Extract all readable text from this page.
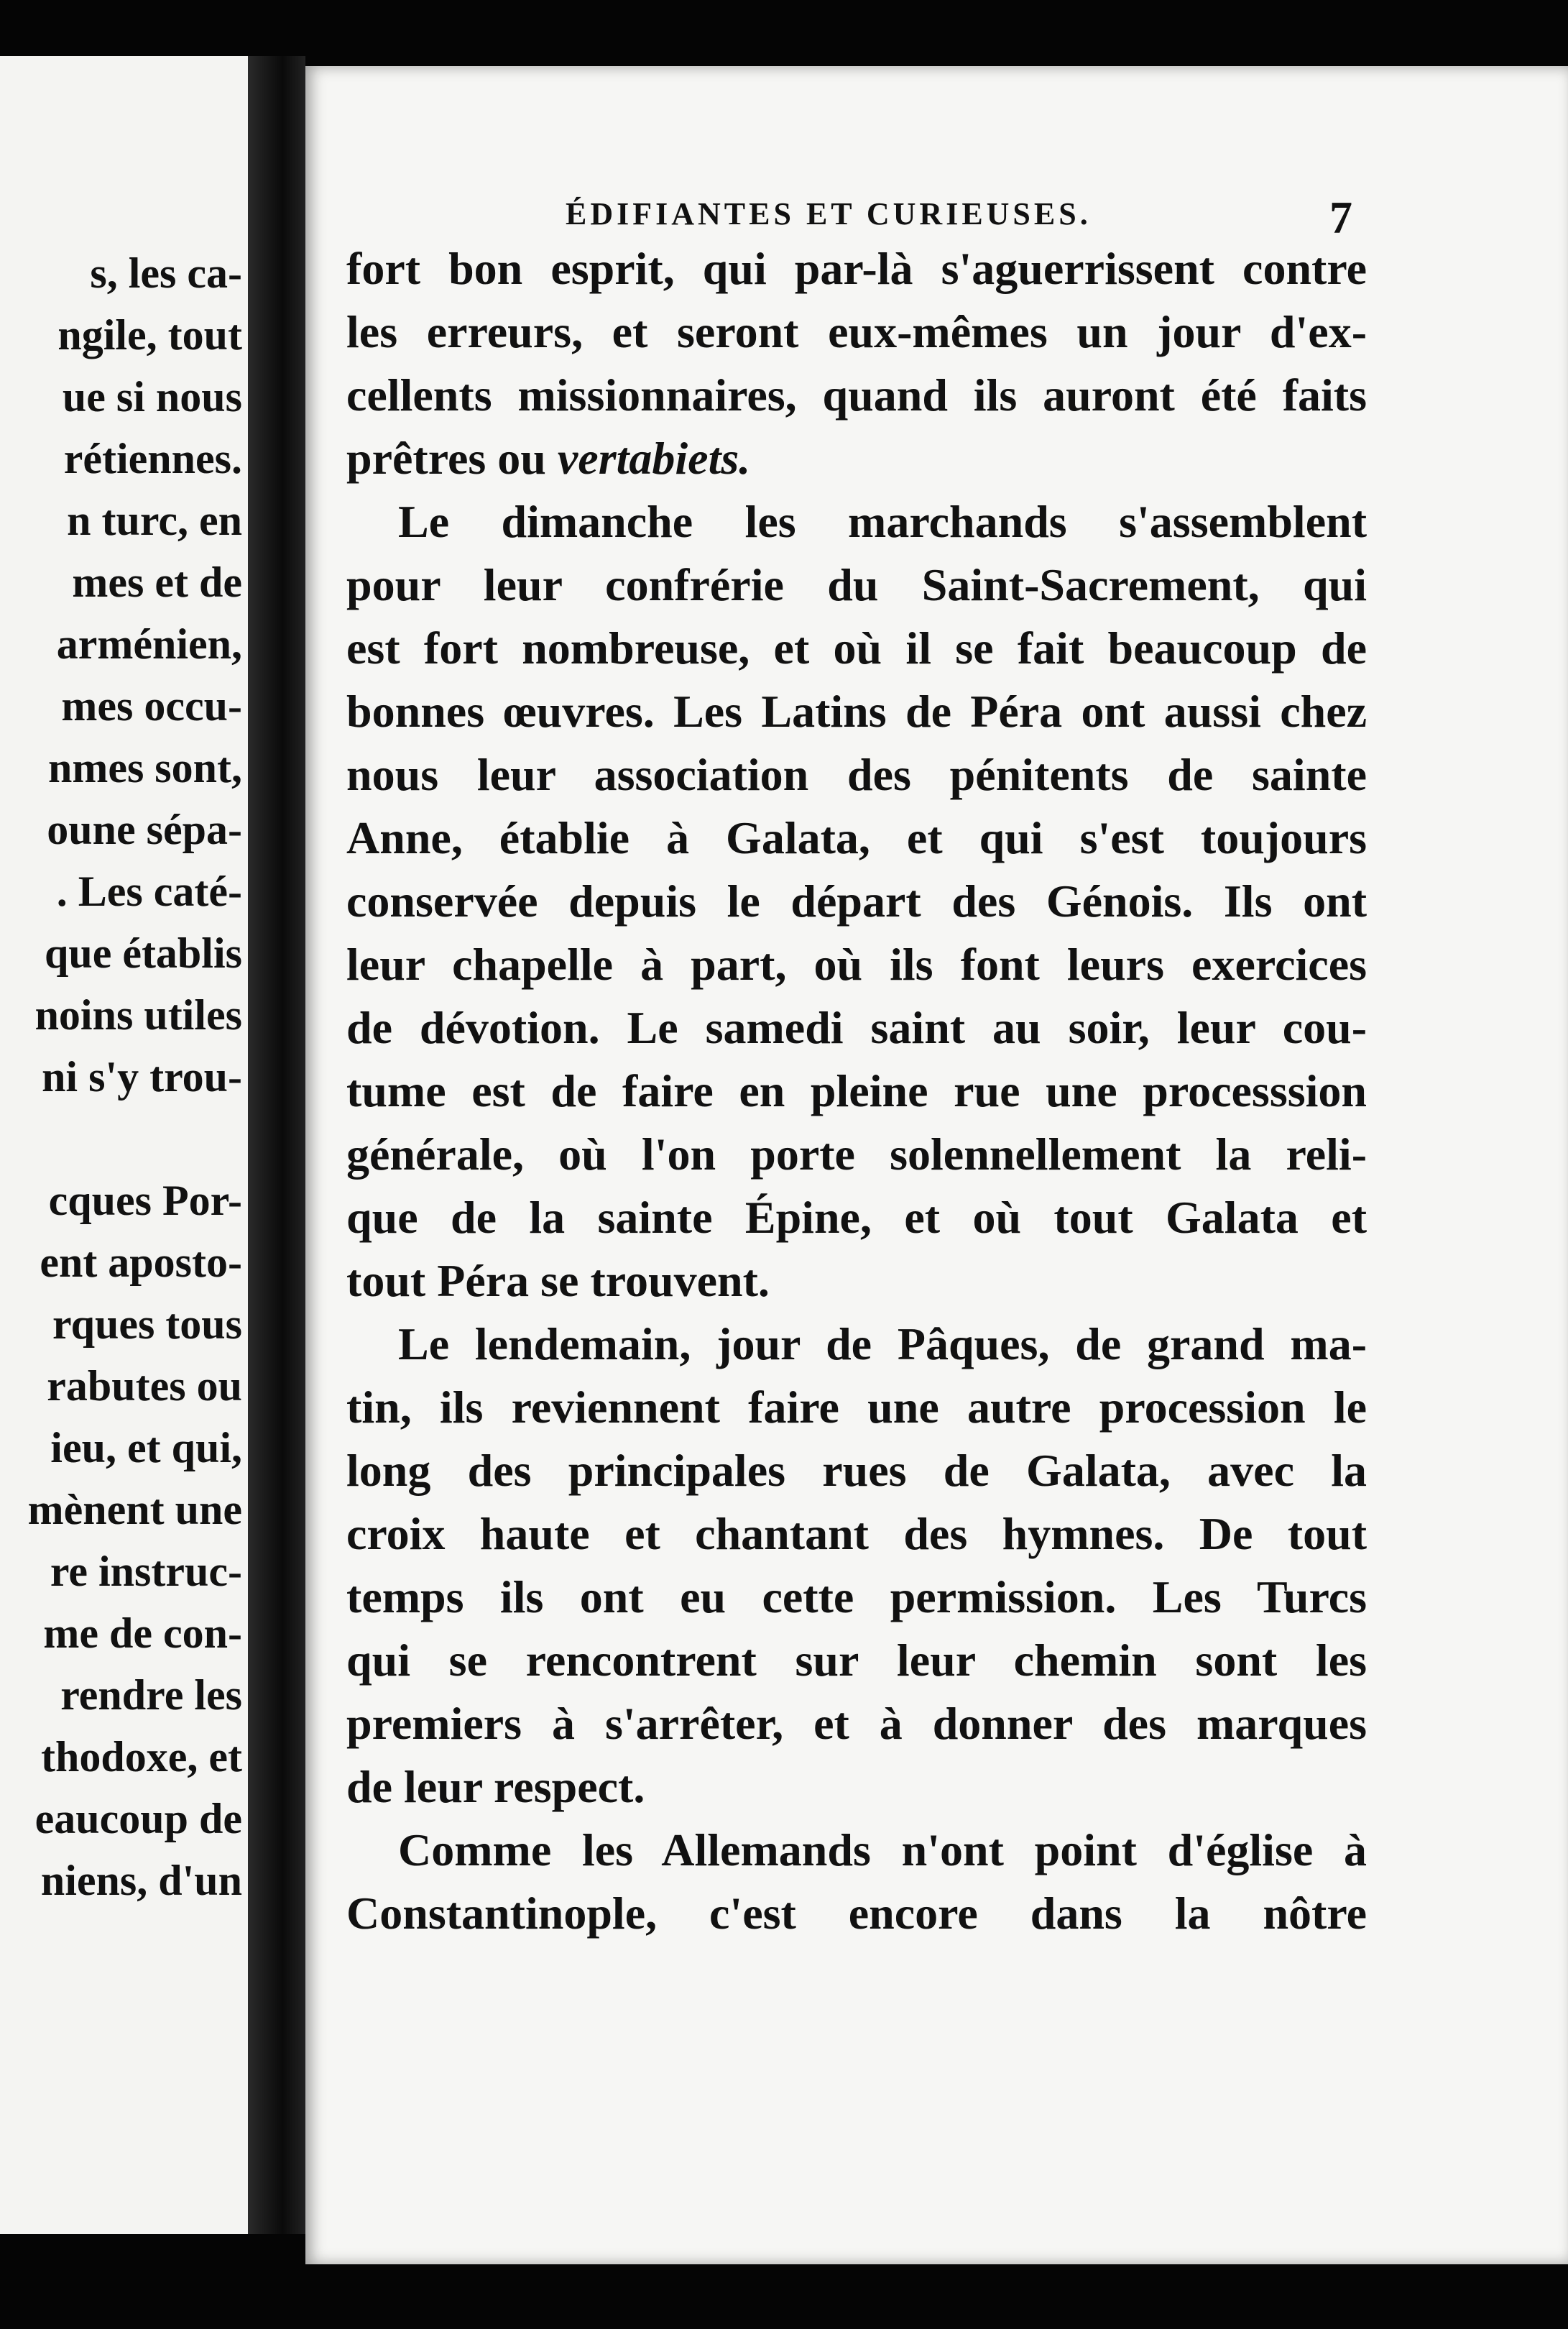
s, les ca-
ngile, tout
ue si nous
rétiennes.
n turc, en
mes et de
arménien,
mes occu-
nmes sont,
oune sépa-
. Les caté-
que établis
noins utiles
ni s'y trou-
cques Por-
ent aposto-
rques tous
rabutes ou
ieu, et qui,
mènent une
re instruc-
me de con-
rendre les
thodoxe, et
eaucoup de
niens, d'un
ÉDIFIANTES ET CURIEUSES.	7
fort bon esprit, qui par-là s'aguerrissent contre
les erreurs, et seront eux-mêmes un jour d'ex-
cellents missionnaires, quand ils auront été faits
prêtres ou vertabiets.
Le dimanche les marchands s'assemblent
pour leur confrérie du Saint-Sacrement, qui
est fort nombreuse, et où il se fait beaucoup de
bonnes œuvres. Les Latins de Péra ont aussi chez
nous leur association des pénitents de sainte
Anne, établie à Galata, et qui s'est toujours
conservée depuis le départ des Génois. Ils ont
leur chapelle à part, où ils font leurs exercices
de dévotion. Le samedi saint au soir, leur cou-
tume est de faire en pleine rue une processsion
générale, où l'on porte solennellement la reli-
que de la sainte Épine, et où tout Galata et
tout Péra se trouvent.
Le lendemain, jour de Pâques, de grand ma-
tin, ils reviennent faire une autre procession le
long des principales rues de Galata, avec la
croix haute et chantant des hymnes. De tout
temps ils ont eu cette permission. Les Turcs
qui se rencontrent sur leur chemin sont les
premiers à s'arrêter, et à donner des marques
de leur respect.
Comme les Allemands n'ont point d'église à
Constantinople, c'est encore dans la nôtre
